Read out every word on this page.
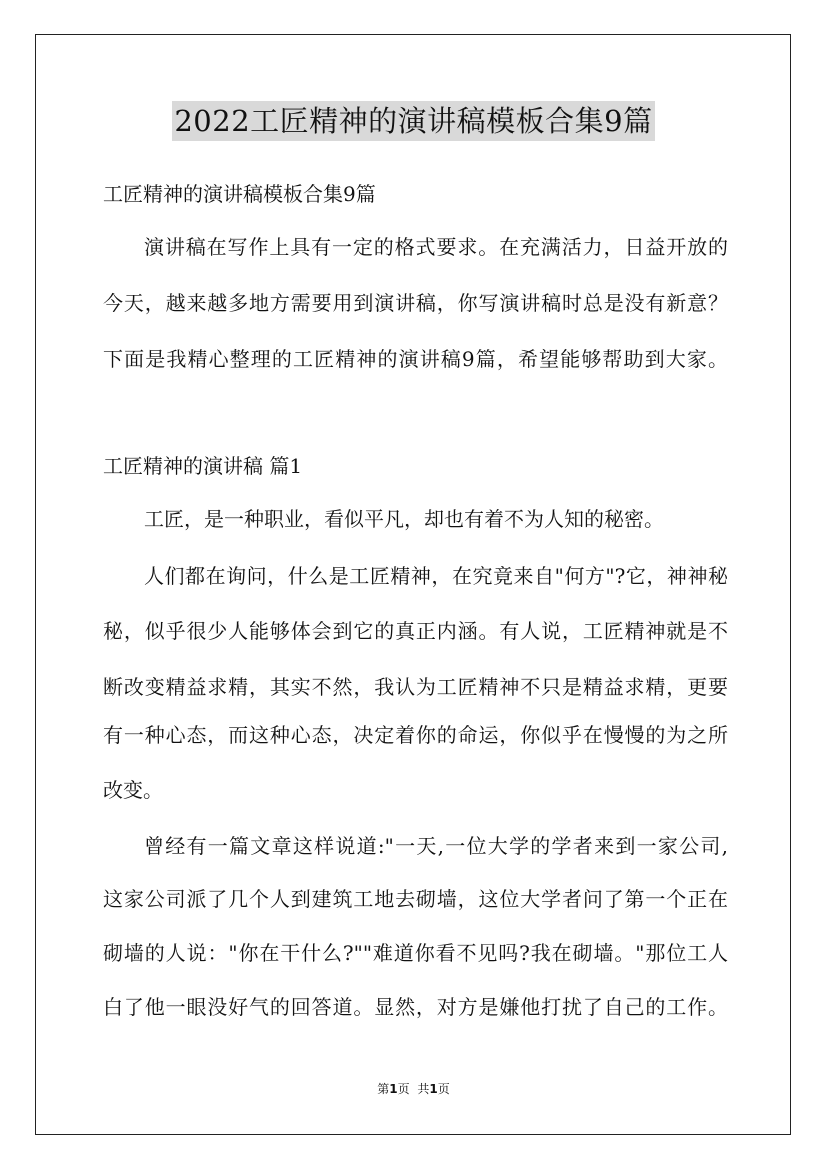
2022工匠精神的演讲稿模板合集9篇

工匠精神的演讲稿模板合集9篇

演讲稿在写作上具有一定的格式要求。在充满活力，日益开放的

今天，越来越多地方需要用到演讲稿，你写演讲稿时总是没有新意？

下面是我精心整理的工匠精神的演讲稿9篇，希望能够帮助到大家。

工匠精神的演讲稿 篇1

工匠，是一种职业，看似平凡，却也有着不为人知的秘密。

人们都在询问，什么是工匠精神，在究竟来自"何方"?它，神神秘

秘，似乎很少人能够体会到它的真正内涵。有人说，工匠精神就是不

断改变精益求精，其实不然，我认为工匠精神不只是精益求精，更要

有一种心态，而这种心态，决定着你的命运，你似乎在慢慢的为之所

改变。

曾经有一篇文章这样说道:"一天,一位大学的学者来到一家公司,

这家公司派了几个人到建筑工地去砌墙，这位大学者问了第一个正在

砌墙的人说："你在干什么?""难道你看不见吗?我在砌墙。"那位工人

白了他一眼没好气的回答道。显然，对方是嫌他打扰了自己的工作。

第1页 共1页
